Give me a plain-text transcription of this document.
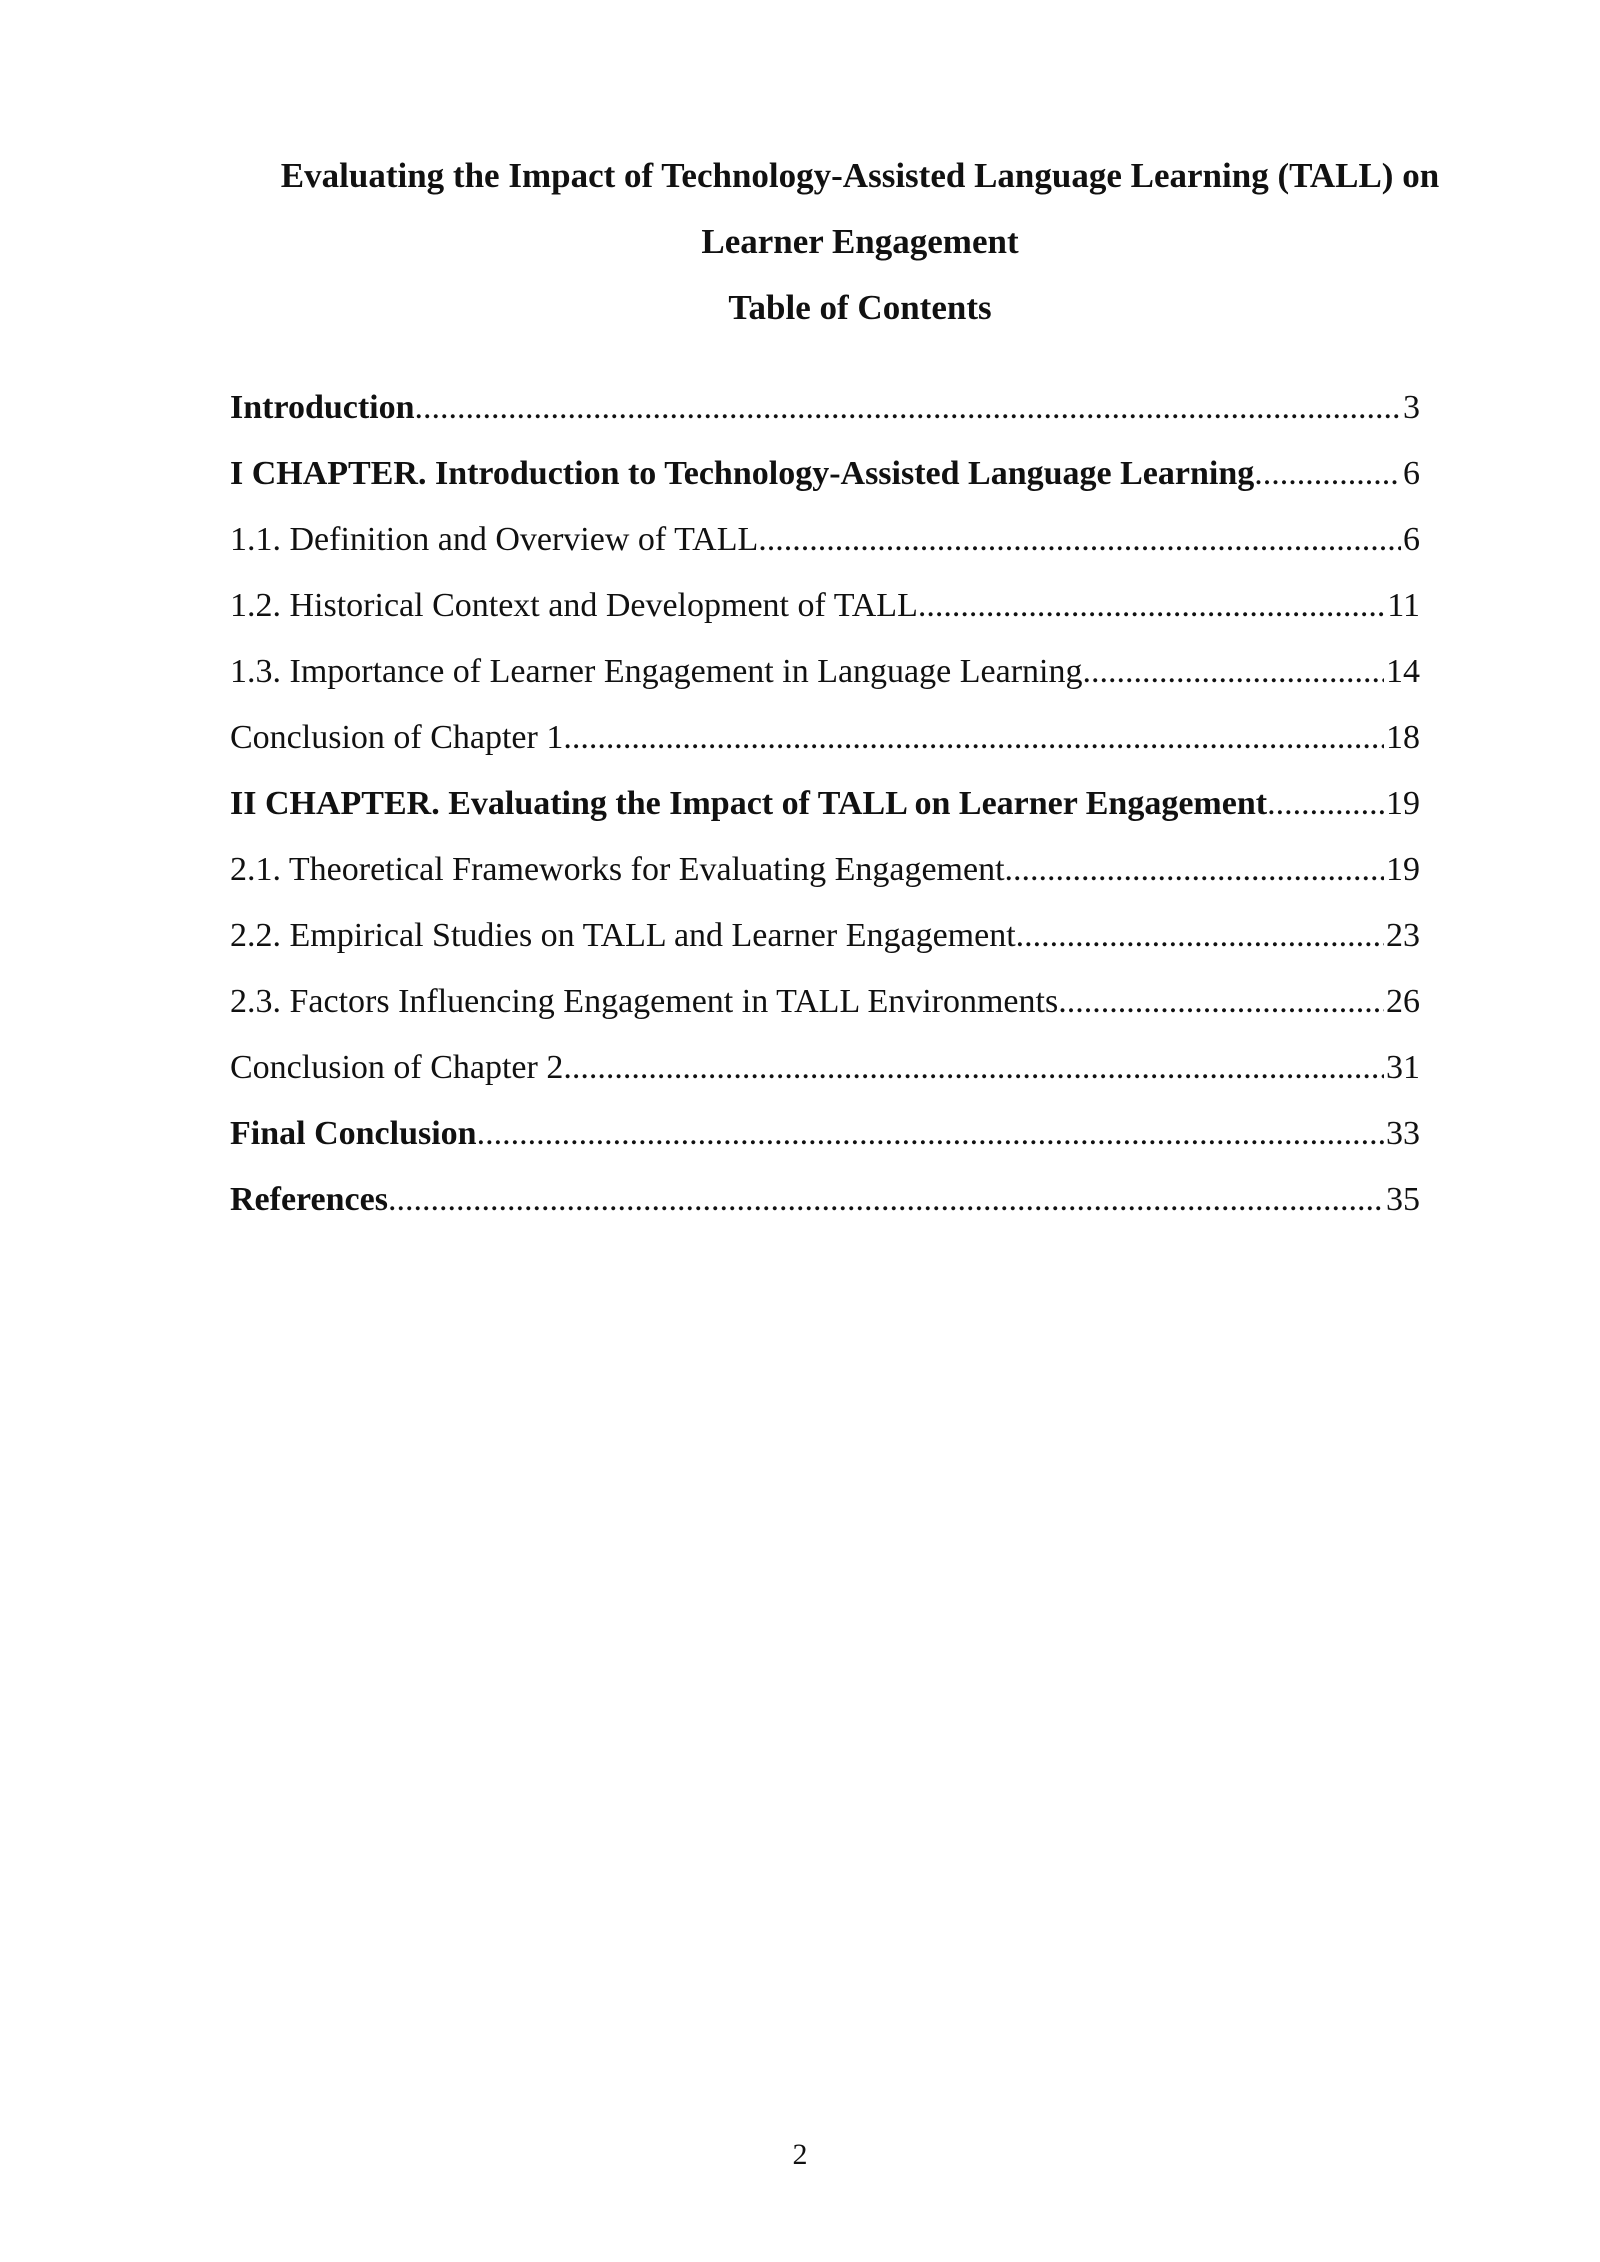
Evaluating the Impact of Technology-Assisted Language Learning (TALL) on
Learner Engagement
Table of Contents
Introduction .....	3
I CHAPTER. Introduction to Technology-Assisted Language Learning .....	6
1.1. Definition and Overview of TALL .....	6
1.2. Historical Context and Development of TALL .....	11
1.3. Importance of Learner Engagement in Language Learning .....	14
Conclusion of Chapter 1 .....	18
II CHAPTER. Evaluating the Impact of TALL on Learner Engagement .....	19
2.1. Theoretical Frameworks for Evaluating Engagement .....	19
2.2. Empirical Studies on TALL and Learner Engagement .....	23
2.3. Factors Influencing Engagement in TALL Environments .....	26
Conclusion of Chapter 2 .....	31
Final Conclusion .....	33
References .....	35
2
